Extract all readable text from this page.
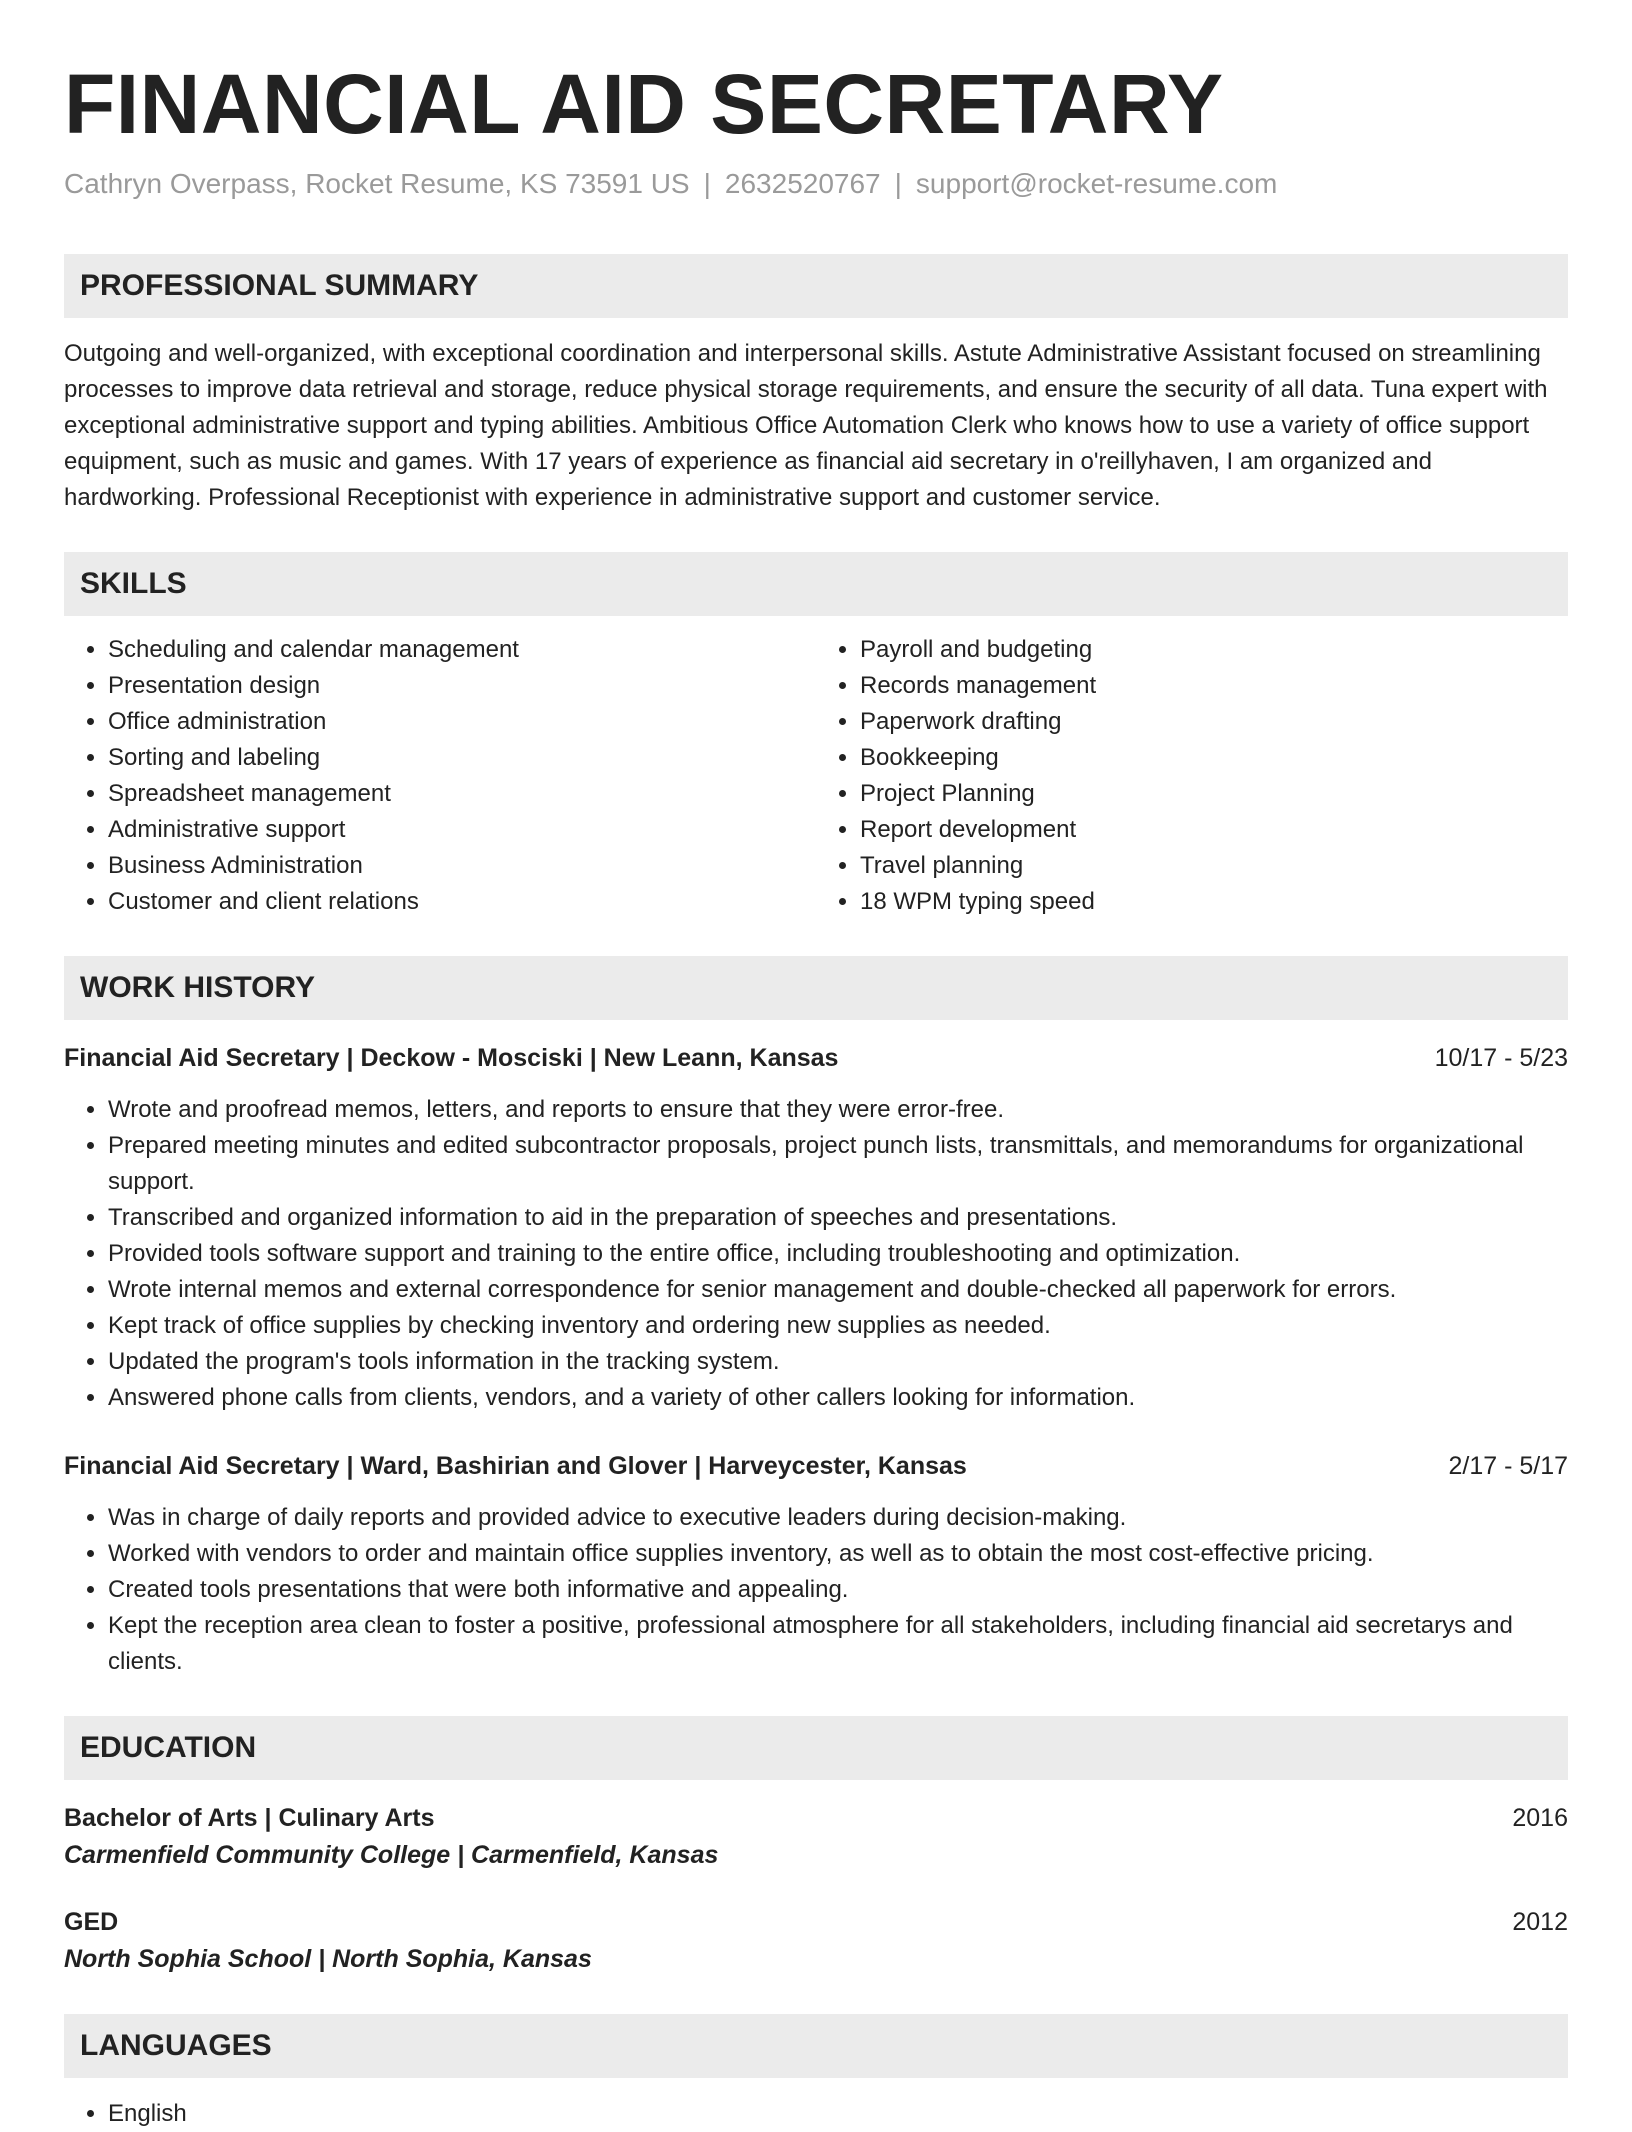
FINANCIAL AID SECRETARY
Cathryn Overpass, Rocket Resume, KS 73591 US | 2632520767 | support@rocket-resume.com
PROFESSIONAL SUMMARY

Outgoing and well-organized, with exceptional coordination and interpersonal skills. Astute Administrative Assistant focused on streamlining processes to improve data retrieval and storage, reduce physical storage requirements, and ensure the security of all data. Tuna expert with exceptional administrative support and typing abilities. Ambitious Office Automation Clerk who knows how to use a variety of office support equipment, such as music and games. With 17 years of experience as financial aid secretary in o'reillyhaven, I am organized and hardworking. Professional Receptionist with experience in administrative support and customer service.

SKILLS
• Scheduling and calendar management
• Presentation design
• Office administration
• Sorting and labeling
• Spreadsheet management
• Administrative support
• Business Administration
• Customer and client relations
• Payroll and budgeting
• Records management
• Paperwork drafting
• Bookkeeping
• Project Planning
• Report development
• Travel planning
• 18 WPM typing speed
WORK HISTORY
Financial Aid Secretary | Deckow - Mosciski | New Leann, Kansas	10/17 - 5/23
• Wrote and proofread memos, letters, and reports to ensure that they were error-free.
• Prepared meeting minutes and edited subcontractor proposals, project punch lists, transmittals, and memorandums for organizational support.
• Transcribed and organized information to aid in the preparation of speeches and presentations.
• Provided tools software support and training to the entire office, including troubleshooting and optimization.
• Wrote internal memos and external correspondence for senior management and double-checked all paperwork for errors.
• Kept track of office supplies by checking inventory and ordering new supplies as needed.
• Updated the program's tools information in the tracking system.
• Answered phone calls from clients, vendors, and a variety of other callers looking for information.
Financial Aid Secretary | Ward, Bashirian and Glover | Harveycester, Kansas	2/17 - 5/17
• Was in charge of daily reports and provided advice to executive leaders during decision-making.
• Worked with vendors to order and maintain office supplies inventory, as well as to obtain the most cost-effective pricing.
• Created tools presentations that were both informative and appealing.
• Kept the reception area clean to foster a positive, professional atmosphere for all stakeholders, including financial aid secretarys and clients.
EDUCATION
Bachelor of Arts | Culinary Arts	2016
Carmenfield Community College | Carmenfield, Kansas
GED	2012
North Sophia School | North Sophia, Kansas
LANGUAGES
• English
